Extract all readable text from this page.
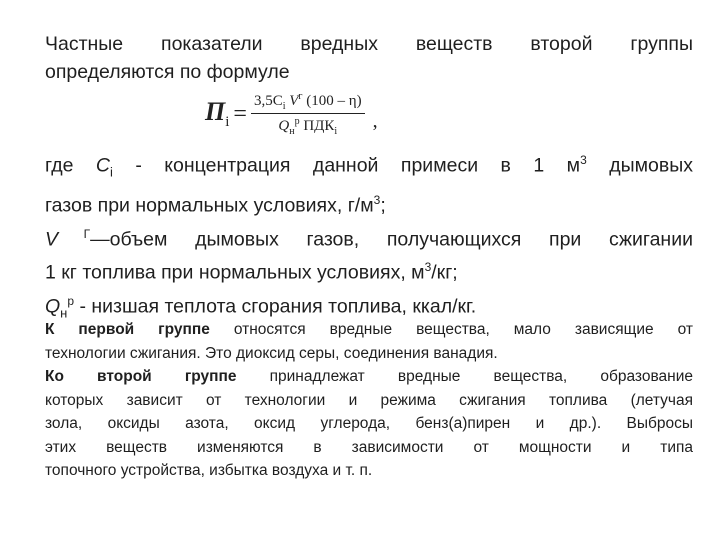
Частные показатели вредных веществ второй группы
определяются по формуле
$П_i = \frac{3,5C_i V^г (100 - \eta)}{Q_н^р ПДК_i}$ ,
где $C_i$ - концентрация данной примеси в 1 $м^3$ дымовых
газов при нормальных условиях, $г/м^3$;
V $^Г$—объем дымовых газов, получающихся при сжигании
1 кг топлива при нормальных условиях, $м^3/кг$;
$Q_н^р$ - низшая теплота сгорания топлива, ккал/кг.
К первой группе относятся вредные вещества, мало зависящие от
технологии сжигания. Это диоксид серы, соединения ванадия.
Ко второй группе принадлежат вредные вещества, образование
которых зависит от технологии и режима сжигания топлива (летучая
зола, оксиды азота, оксид углерода, бенз(а)пирен и др.). Выбросы
этих веществ изменяются в зависимости от мощности и типа
топочного устройства, избытка воздуха и т. п.
